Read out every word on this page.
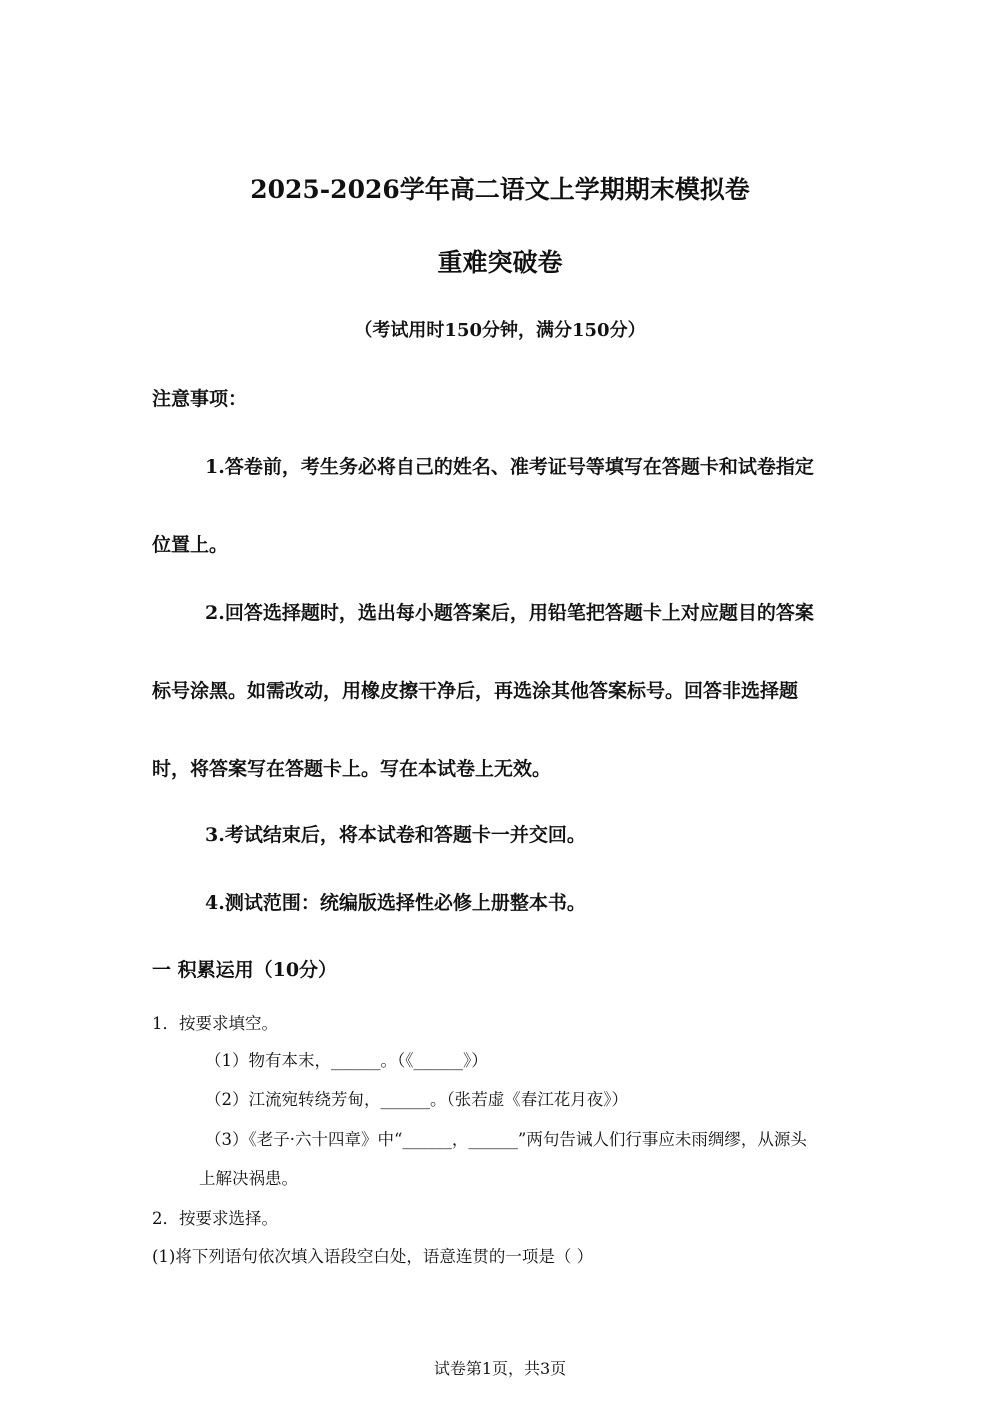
2025-2026学年高二语文上学期期末模拟卷
重难突破卷
（考试用时150分钟，满分150分）
注意事项：
1.答卷前，考生务必将自己的姓名、准考证号等填写在答题卡和试卷指定
位置上。
2.回答选择题时，选出每小题答案后，用铅笔把答题卡上对应题目的答案
标号涂黑。如需改动，用橡皮擦干净后，再选涂其他答案标号。回答非选择题
时，将答案写在答题卡上。写在本试卷上无效。
3.考试结束后，将本试卷和答题卡一并交回。
4.测试范围：统编版选择性必修上册整本书。
一 积累运用（10分）
1．按要求填空。
（1）物有本末，______。（《______》）
（2）江流宛转绕芳甸，______。（张若虚《春江花月夜》）
（3）《老子·六十四章》中“______，______”两句告诫人们行事应未雨绸缪，从源头
上解决祸患。
2．按要求选择。
(1)将下列语句依次填入语段空白处，语意连贯的一项是（ ）
试卷第1页，共3页
